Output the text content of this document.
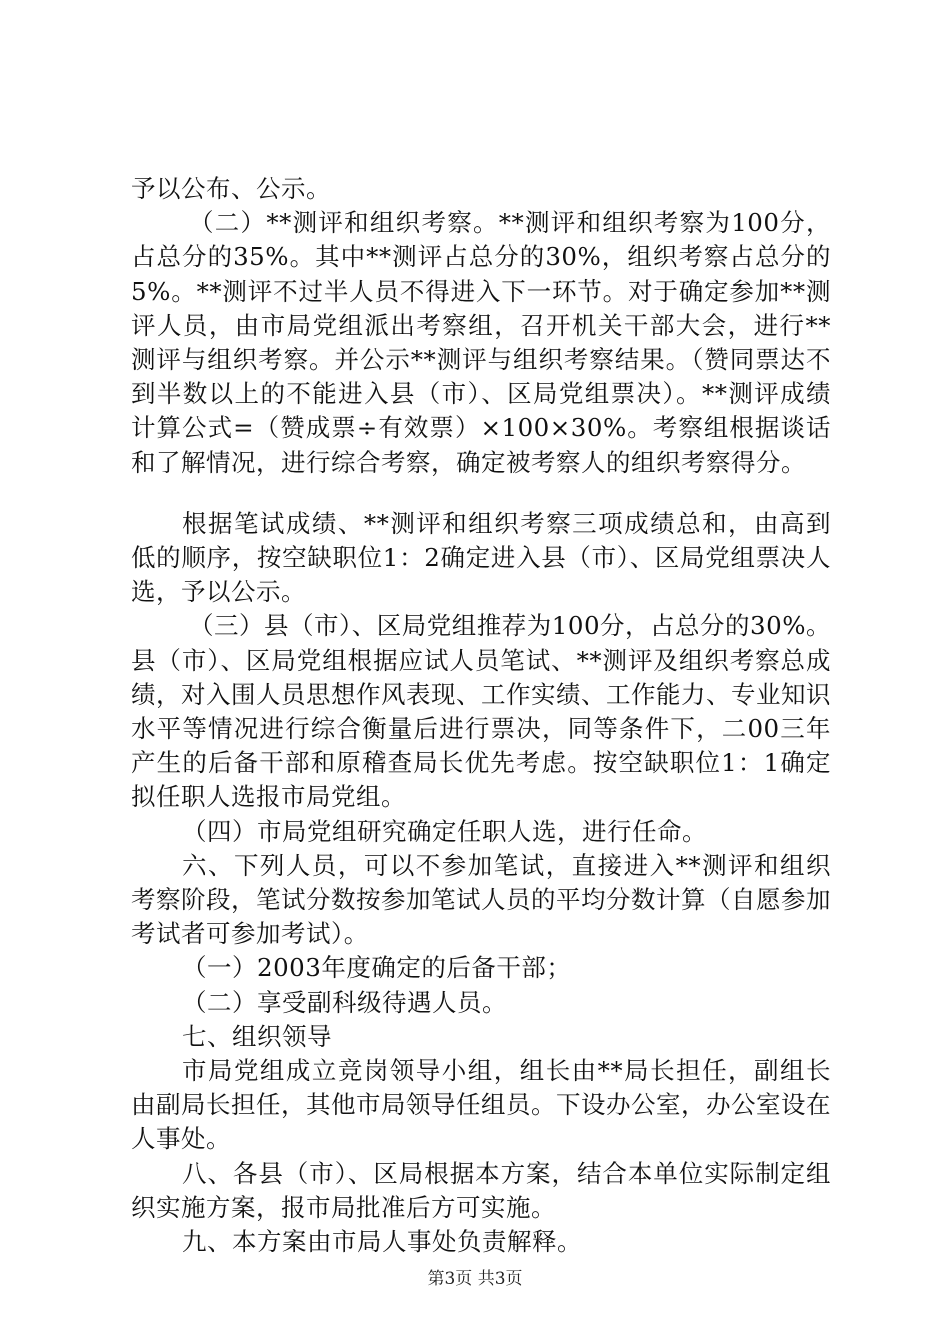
予以公布、公示。

（二）**测评和组织考察。**测评和组织考察为100分，占总分的35%。其中**测评占总分的30%，组织考察占总分的5%。**测评不过半人员不得进入下一环节。对于确定参加**测评人员，由市局党组派出考察组，召开机关干部大会，进行**测评与组织考察。并公示**测评与组织考察结果。（赞同票达不到半数以上的不能进入县（市）、区局党组票决）。**测评成绩计算公式=（赞成票÷有效票）×100×30%。考察组根据谈话和了解情况，进行综合考察，确定被考察人的组织考察得分。

根据笔试成绩、**测评和组织考察三项成绩总和，由高到低的顺序，按空缺职位1：2确定进入县（市）、区局党组票决人选，予以公示。

（三）县（市）、区局党组推荐为100分，占总分的30%。县（市）、区局党组根据应试人员笔试、**测评及组织考察总成绩，对入围人员思想作风表现、工作实绩、工作能力、专业知识水平等情况进行综合衡量后进行票决，同等条件下，二00三年产生的后备干部和原稽查局长优先考虑。按空缺职位1：1确定拟任职人选报市局党组。

（四）市局党组研究确定任职人选，进行任命。

六、下列人员，可以不参加笔试，直接进入**测评和组织考察阶段，笔试分数按参加笔试人员的平均分数计算（自愿参加考试者可参加考试）。

（一）2003年度确定的后备干部；

（二）享受副科级待遇人员。

七、组织领导

市局党组成立竞岗领导小组，组长由**局长担任，副组长由副局长担任，其他市局领导任组员。下设办公室，办公室设在人事处。

八、各县（市）、区局根据本方案，结合本单位实际制定组织实施方案，报市局批准后方可实施。

九、本方案由市局人事处负责解释。

第3页 共3页
